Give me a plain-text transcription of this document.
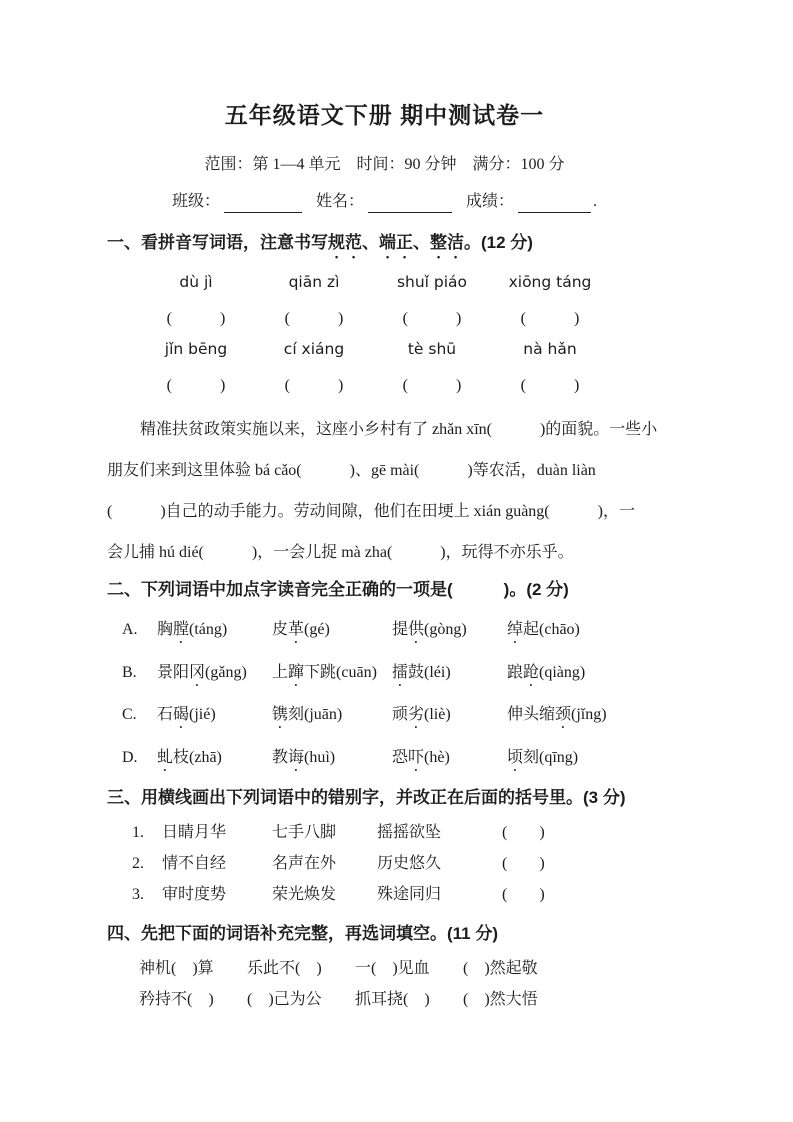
五年级语文下册 期中测试卷一
范围：第 1—4 单元　时间：90 分钟　满分：100 分
班级：	姓名：	成绩：	.
一、看拼音写词语，注意书写规范、端正、整洁。(12 分)
dù jì	qiān zì	shuǐ piáo	xiōng táng
(　　　)	(　　　)	(　　　)	(　　　)
jǐn bēng	cí xiáng	tè shū	nà hǎn
(　　　)	(　　　)	(　　　)	(　　　)
精准扶贫政策实施以来，这座小乡村有了 zhǎn xīn(　　　)的面貌。一些小
朋友们来到这里体验 bá cǎo(　　　)、gē mài(　　　)等农活，duàn liàn
(　　　)自己的动手能力。劳动间隙，他们在田埂上 xián guàng(　　　)，一
会儿捕 hú dié(　　　)，一会儿捉 mà zha(　　　)，玩得不亦乐乎。
二、下列词语中加点字读音完全正确的一项是(　　　)。(2 分)
A.	胸膛(táng)	皮革(gé)	提供(gòng)	绰起(chāo)
B.	景阳冈(gǎng)	上蹿下跳(cuān) 擂鼓(léi)	踉跄(qiàng)
C.	石碣(jié)	镌刻(juān)	顽劣(liè)	伸头缩颈(jǐng)
D.	虬枝(zhā)	教诲(huì)	恐吓(hè)	顷刻(qīng)
三、用横线画出下列词语中的错别字，并改正在后面的括号里。(3 分)
1.	日睛月华	七手八脚	摇摇欲坠	(　　)
2.	情不自经	名声在外	历史悠久	(　　)
3.	审时度势	荣光焕发	殊途同归	(　　)
四、先把下面的词语补充完整，再选词填空。(11 分)
神机(　)算	乐此不(　)	一(　)见血	(　)然起敬
矜持不(　)	(　)己为公	抓耳挠(　)	(　)然大悟
